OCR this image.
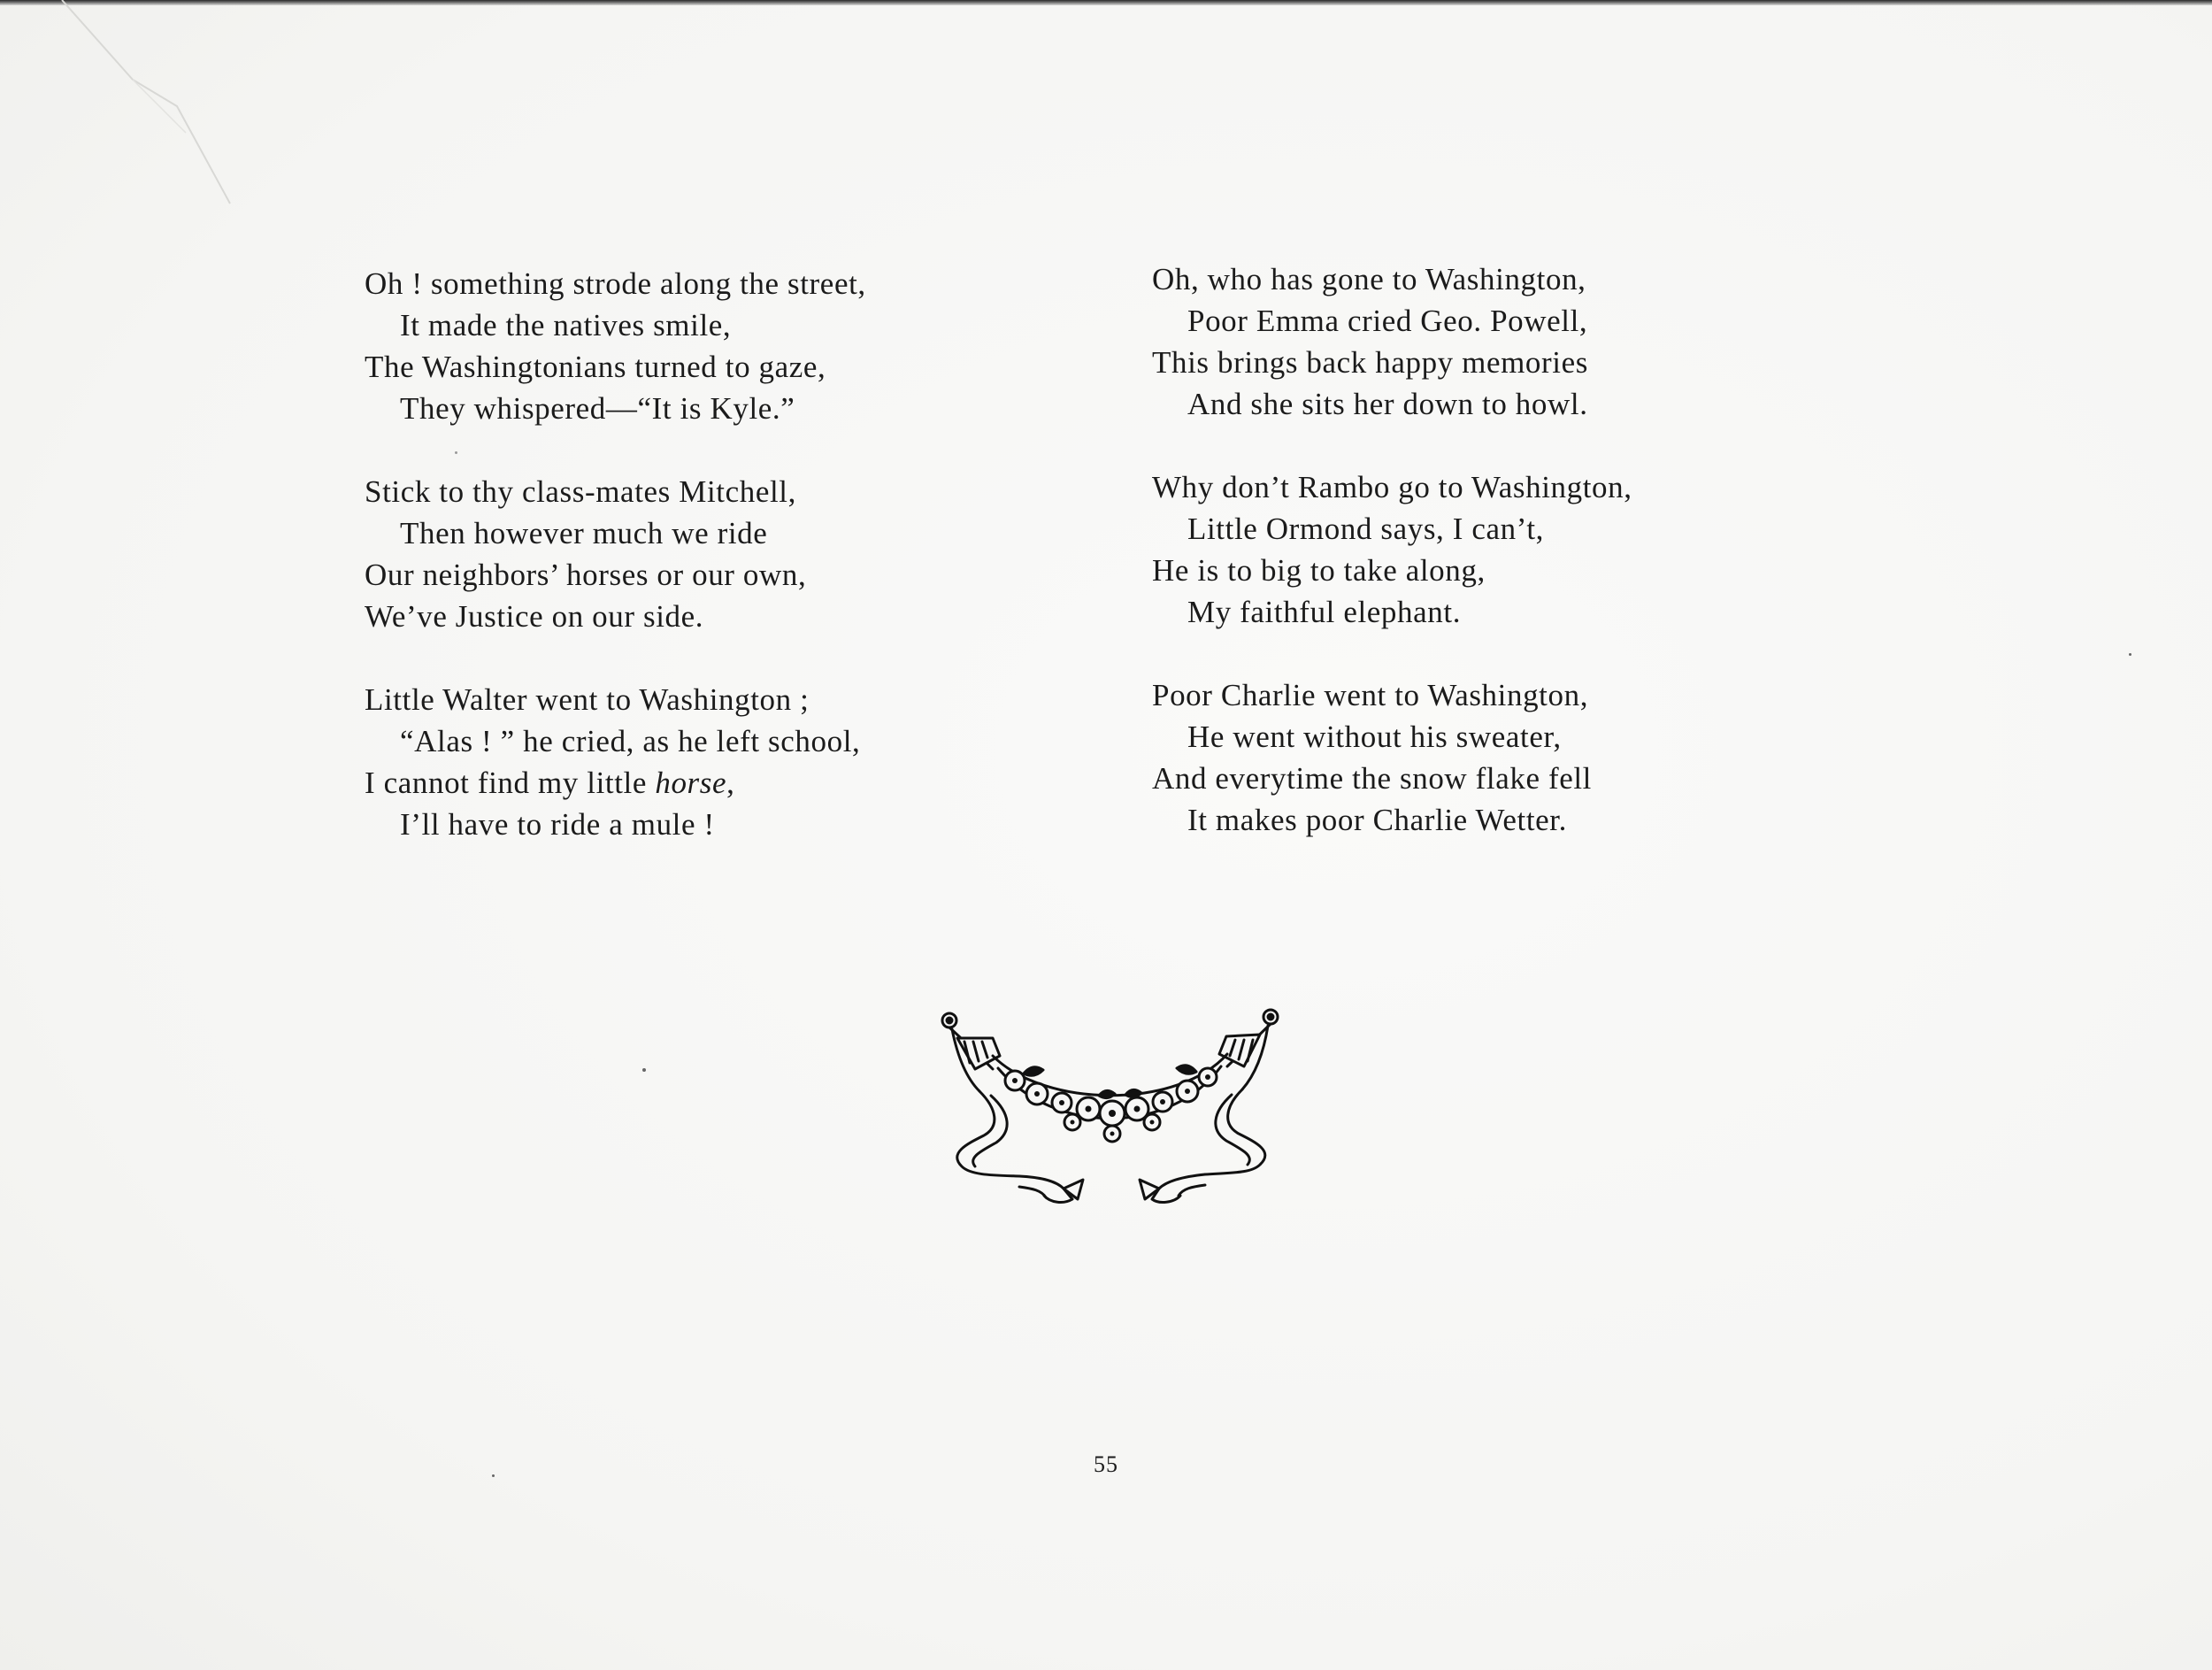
Oh ! something strode along the street,
It made the natives smile,
The Washingtonians turned to gaze,
They whispered—“It is Kyle.”
Stick to thy class-mates Mitchell,
Then however much we ride
Our neighbors’ horses or our own,
We’ve Justice on our side.
Little Walter went to Washington ;
“Alas ! ” he cried, as he left school,
I cannot find my little horse,
I’ll have to ride a mule !
Oh, who has gone to Washington,
Poor Emma cried Geo. Powell,
This brings back happy memories
And she sits her down to howl.
Why don’t Rambo go to Washington,
Little Ormond says, I can’t,
He is to big to take along,
My faithful elephant.
Poor Charlie went to Washington,
He went without his sweater,
And everytime the snow flake fell
It makes poor Charlie Wetter.
55
